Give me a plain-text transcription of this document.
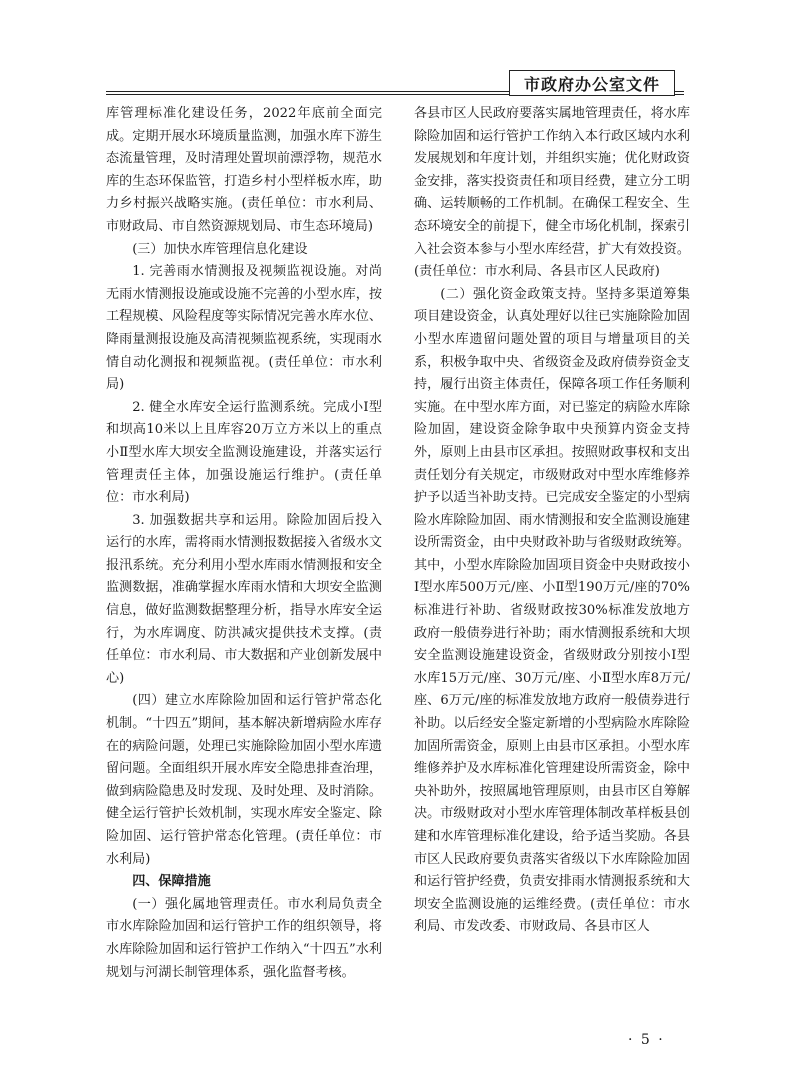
市政府办公室文件

库管理标准化建设任务，2022年底前全面完成。定期开展水环境质量监测，加强水库下游生态流量管理，及时清理处置坝前漂浮物，规范水库的生态环保监管，打造乡村小型样板水库，助力乡村振兴战略实施。(责任单位：市水利局、市财政局、市自然资源规划局、市生态环境局)

(三）加快水库管理信息化建设

1. 完善雨水情测报及视频监视设施。对尚无雨水情测报设施或设施不完善的小型水库，按工程规模、风险程度等实际情况完善水库水位、降雨量测报设施及高清视频监视系统，实现雨水情自动化测报和视频监视。(责任单位：市水利局)

2. 健全水库安全运行监测系统。完成小Ⅰ型和坝高10米以上且库容20万立方米以上的重点小Ⅱ型水库大坝安全监测设施建设，并落实运行管理责任主体，加强设施运行维护。(责任单位：市水利局)

3. 加强数据共享和运用。除险加固后投入运行的水库，需将雨水情测报数据接入省级水文报汛系统。充分利用小型水库雨水情测报和安全监测数据，准确掌握水库雨水情和大坝安全监测信息，做好监测数据整理分析，指导水库安全运行，为水库调度、防洪减灾提供技术支撑。(责任单位：市水利局、市大数据和产业创新发展中心)

(四）建立水库除险加固和运行管护常态化机制。“十四五”期间，基本解决新增病险水库存在的病险问题，处理已实施除险加固小型水库遗留问题。全面组织开展水库安全隐患排查治理，做到病险隐患及时发现、及时处理、及时消除。健全运行管护长效机制，实现水库安全鉴定、除险加固、运行管护常态化管理。(责任单位：市水利局)

四、保障措施

(一）强化属地管理责任。市水利局负责全市水库除险加固和运行管护工作的组织领导，将水库除险加固和运行管护工作纳入“十四五”水利规划与河湖长制管理体系，强化监督考核。

各县市区人民政府要落实属地管理责任，将水库除险加固和运行管护工作纳入本行政区域内水利发展规划和年度计划，并组织实施；优化财政资金安排，落实投资责任和项目经费，建立分工明确、运转顺畅的工作机制。在确保工程安全、生态环境安全的前提下，健全市场化机制，探索引入社会资本参与小型水库经营，扩大有效投资。(责任单位：市水利局、各县市区人民政府)

(二）强化资金政策支持。坚持多渠道筹集项目建设资金，认真处理好以往已实施除险加固小型水库遗留问题处置的项目与增量项目的关系，积极争取中央、省级资金及政府债券资金支持，履行出资主体责任，保障各项工作任务顺利实施。在中型水库方面，对已鉴定的病险水库除险加固，建设资金除争取中央预算内资金支持外，原则上由县市区承担。按照财政事权和支出责任划分有关规定，市级财政对中型水库维修养护予以适当补助支持。已完成安全鉴定的小型病险水库除险加固、雨水情测报和安全监测设施建设所需资金，由中央财政补助与省级财政统筹。其中，小型水库除险加固项目资金中央财政按小Ⅰ型水库500万元/座、小Ⅱ型190万元/座的70%标准进行补助、省级财政按30%标准发放地方政府一般债券进行补助；雨水情测报系统和大坝安全监测设施建设资金，省级财政分别按小Ⅰ型水库15万元/座、30万元/座、小Ⅱ型水库8万元/座、6万元/座的标准发放地方政府一般债券进行补助。以后经安全鉴定新增的小型病险水库除险加固所需资金，原则上由县市区承担。小型水库维修养护及水库标准化管理建设所需资金，除中央补助外，按照属地管理原则，由县市区自筹解决。市级财政对小型水库管理体制改革样板县创建和水库管理标准化建设，给予适当奖励。各县市区人民政府要负责落实省级以下水库除险加固和运行管护经费，负责安排雨水情测报系统和大坝安全监测设施的运维经费。(责任单位：市水利局、市发改委、市财政局、各县市区人

· 5 ·
